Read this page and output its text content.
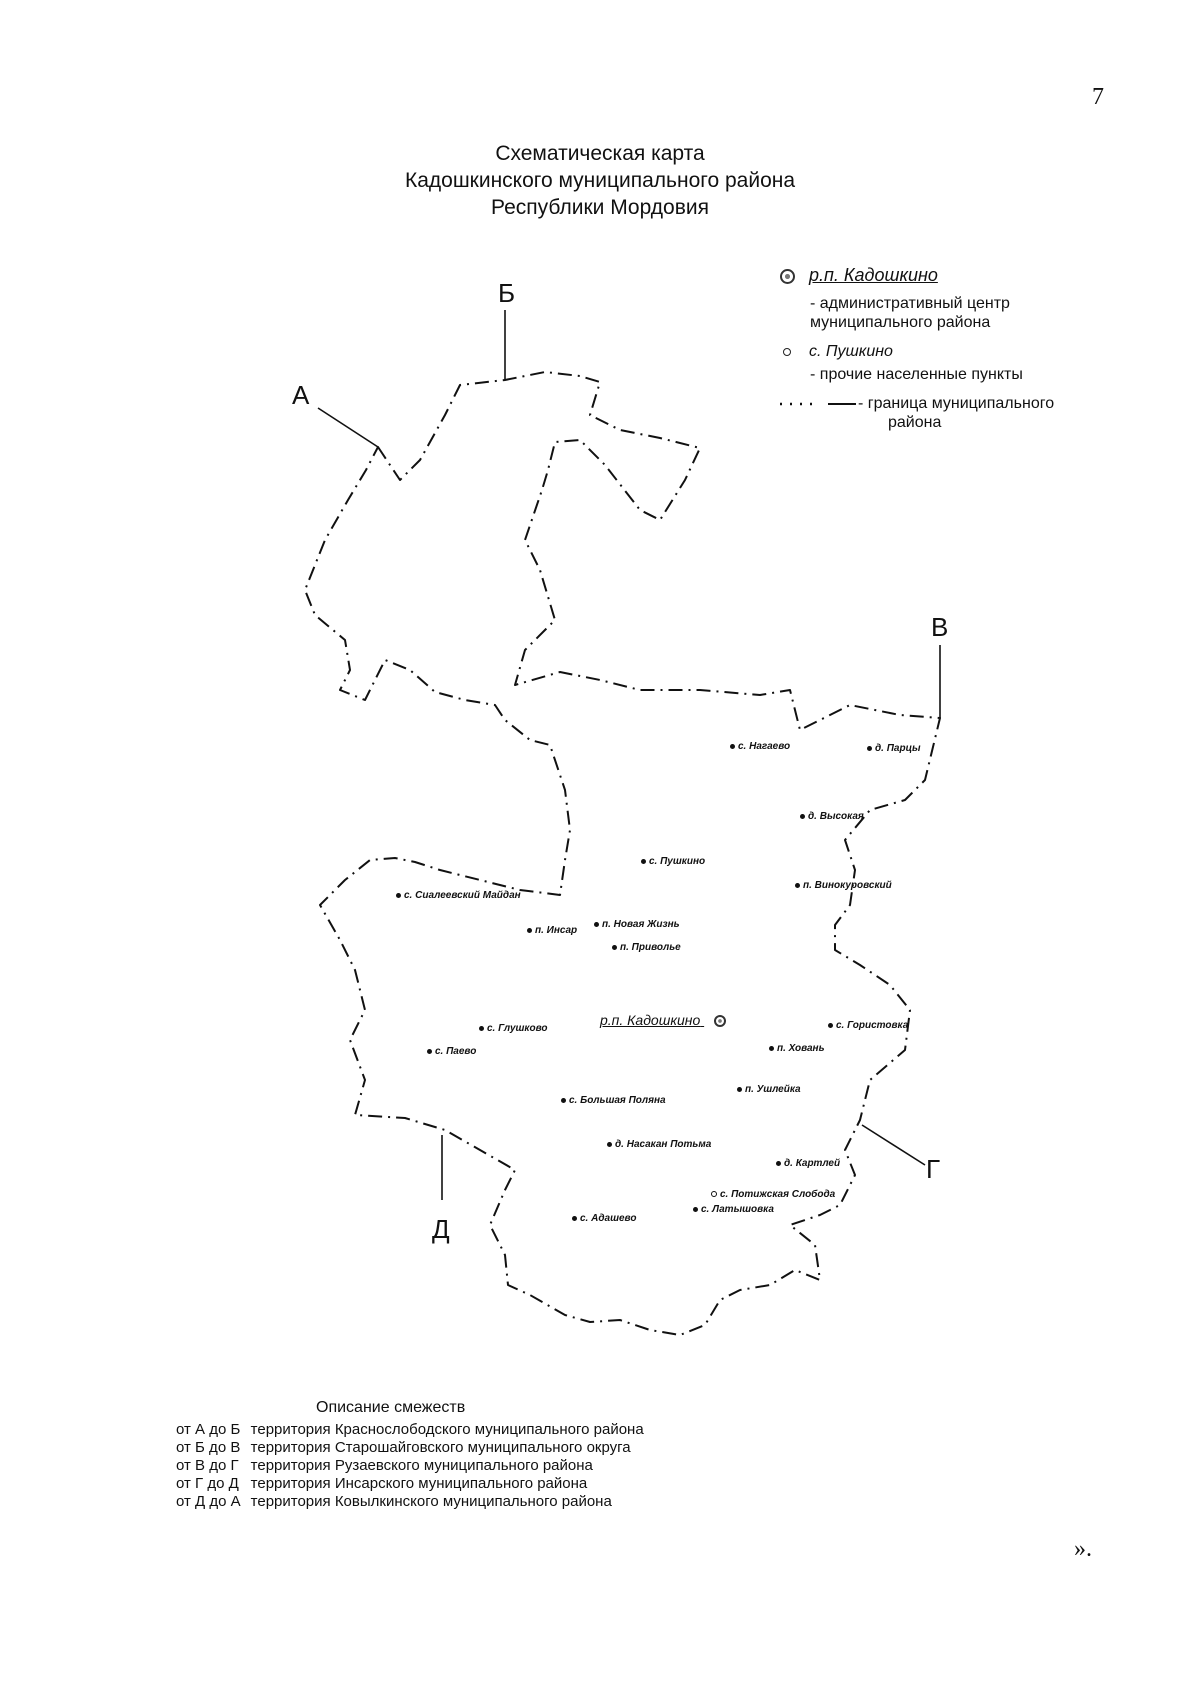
7
Схематическая карта
Кадошкинского муниципального района
Республики Мордовия
А
Б
В
Г
Д
р.п. Кадошкино
- административный центр
муниципального района
с. Пушкино
- прочие населенные пункты
- граница муниципального
района
с. Нагаево	д. Парцы
д. Высокая
с. Пушкино
п. Винокуровский
с. Сиалеевский Майдан
п. Новая Жизнь
п. Инсар
п. Приволье
р.п. Кадошкино	с. Гористовка
с. Глушково
с. Паево	п. Ховань
п. Ушлейка
с. Большая Поляна
д. Насакан Потьма
д. Картлей
с. Потижская Слобода
с. Латышовка
с. Адашево
Описание смежеств
от А до Б	территория Краснослободского муниципального района
от Б до В	территория Старошайговского муниципального округа
от В до Г	территория Рузаевского муниципального района
от Г до Д	территория Инсарского муниципального района
от Д до А	территория Ковылкинского муниципального района
».
